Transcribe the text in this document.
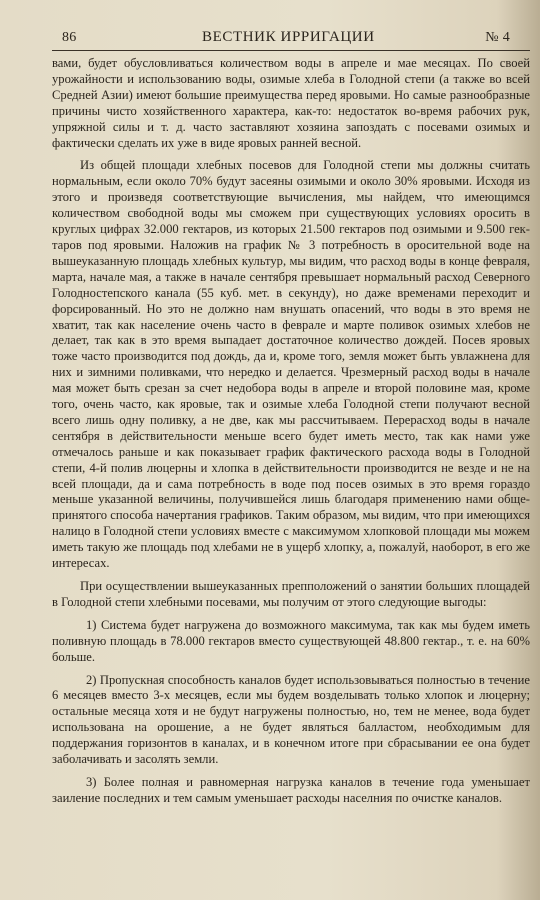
86	ВЕСТНИК ИРРИГАЦИИ	№ 4

вами, будет обусловливаться количеством воды в апреле и мае месяцах. По своей урожайности и использованию воды, озимые хлеба в Голодной степи (а также во всей Средней Азии) имеют большие преимущества перед яровыми. Но самые разнообразные причины чисто хозяйственного характера, как-то: недостаток во-время рабочих рук, упряжной силы и т. д. часто заставляют хозяина запоздать с посевами озимых и фактически сделать их уже в виде яровых ранней весной.

Из общей площади хлебных посевов для Голодной степи мы должны считать нормальным, если около 70% будут засеяны озимыми и около 30% яровыми. Исходя из этого и произведя соответствующие вычисления, мы найдем, что имеющимся количеством свободной воды мы сможем при существующих условиях оросить в круглых цифрах 32.000 гектаров, из которых 21.500 гектаров под озимыми и 9.500 гектаров под яровыми. Наложив на график № 3 потребность в оросительной воде на вышеуказанную площадь хлебных культур, мы видим, что расход воды в конце февраля, марта, начале мая, а также в начале сентября превышает нормальный расход Северного Голодностепского канала (55 куб. мет. в секунду), но даже временами переходит и форсированный. Но это не должно нам внушать опасений, что воды в это время не хватит, так как население очень часто в феврале и марте поливок озимых хлебов не делает, так как в это время выпадает достаточное количество дождей. Посев яровых тоже часто производится под дождь, да и, кроме того, земля может быть увлажнена для них и зимними поливками, что нередко и делается. Чрезмерный расход воды в начале мая может быть срезан за счет недобора воды в апреле и второй половине мая, кроме того, очень часто, как яровые, так и озимые хлеба Голодной степи получают весной всего лишь одну поливку, а не две, как мы рассчитываем. Перерасход воды в начале сентября в действительности меньше всего будет иметь место, так как нами уже отмечалось раньше и как показывает график фактического расхода воды в Голодной степи, 4-й полив люцерны и хлопка в действительности производится не везде и не на всей площади, да и сама потребность в воде под посев озимых в это время гораздо меньше указанной величины, получившейся лишь благодаря применению нами обще-принятого способа начертания графиков. Таким образом, мы видим, что при имеющихся налицо в Голодной степи условиях вместе с максимумом хлопковой площади мы можем иметь такую же площадь под хлебами не в ущерб хлопку, а, пожалуй, наоборот, в его же интересах.

При осуществлении вышеуказанных препположений о занятии больших площадей в Голодной степи хлебными посевами, мы получим от этого следующие выгоды:

1) Система будет нагружена до возможного максимума, так как мы будем иметь поливную площадь в 78.000 гектаров вместо существующей 48.800 гектар., т. е. на 60% больше.

2) Пропускная способность каналов будет использовываться полностью в течение 6 месяцев вместо 3-х месяцев, если мы будем возделывать только хлопок и люцерну; остальные месяца хотя и не будут нагружены полностью, но, тем не менее, вода будет использована на орошение, а не будет являться балластом, необходимым для поддержания горизонтов в каналах, и в конечном итоге при сбрасывании ее она будет заболачивать и засолять земли.

3) Более полная и равномерная нагрузка каналов в течение года уменьшает заиление последних и тем самым уменьшает расходы населния по очистке каналов.
